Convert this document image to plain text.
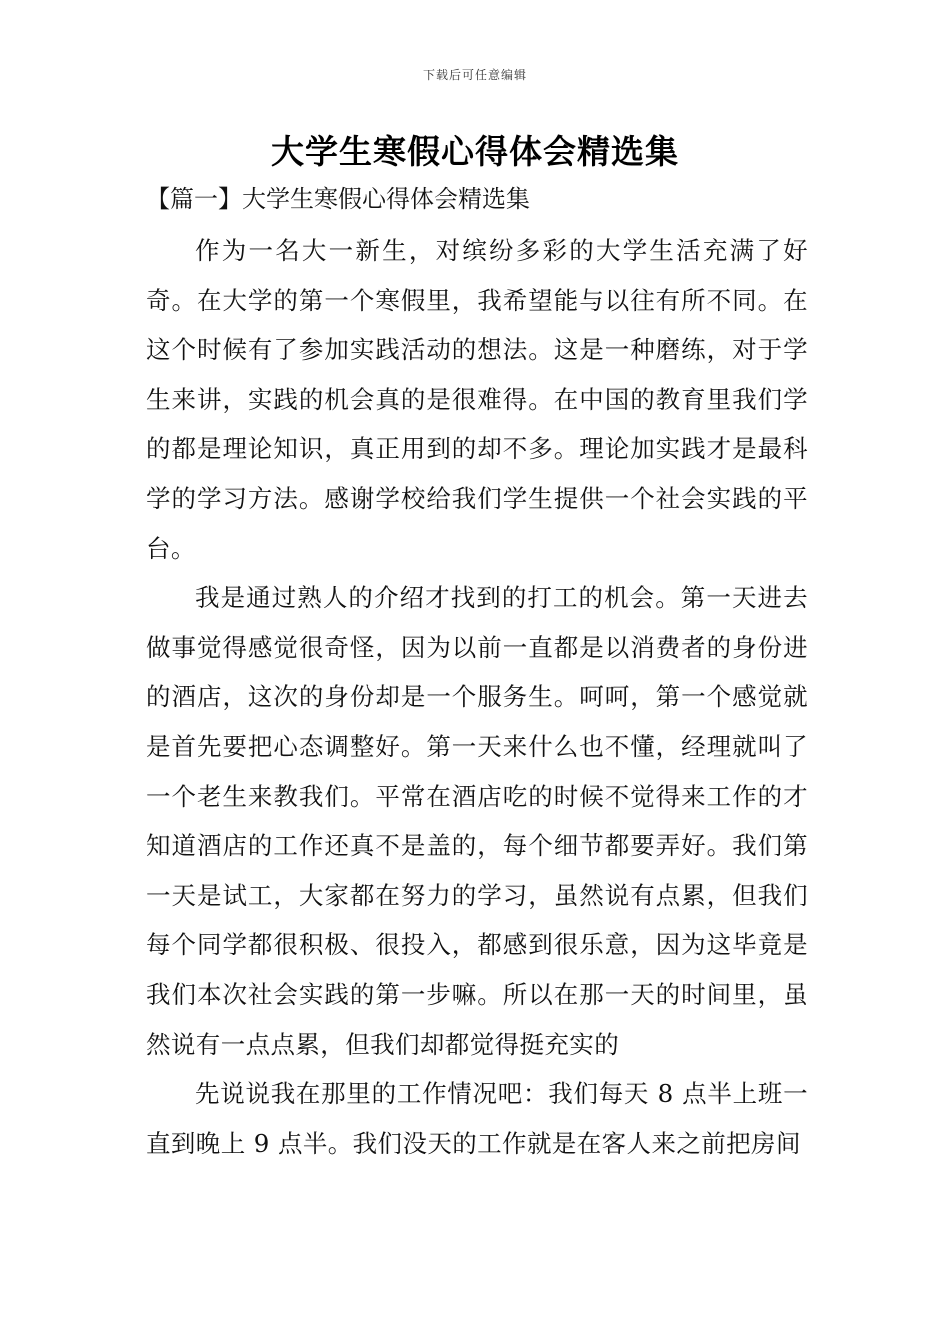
下载后可任意编辑
大学生寒假心得体会精选集
【篇一】大学生寒假心得体会精选集

作为一名大一新生，对缤纷多彩的大学生活充满了好奇。在大学的第一个寒假里，我希望能与以往有所不同。在这个时候有了参加实践活动的想法。这是一种磨练，对于学生来讲，实践的机会真的是很难得。在中国的教育里我们学的都是理论知识，真正用到的却不多。理论加实践才是最科学的学习方法。感谢学校给我们学生提供一个社会实践的平台。

我是通过熟人的介绍才找到的打工的机会。第一天进去做事觉得感觉很奇怪，因为以前一直都是以消费者的身份进的酒店，这次的身份却是一个服务生。呵呵，第一个感觉就是首先要把心态调整好。第一天来什么也不懂，经理就叫了一个老生来教我们。平常在酒店吃的时候不觉得来工作的才知道酒店的工作还真不是盖的，每个细节都要弄好。我们第一天是试工，大家都在努力的学习，虽然说有点累，但我们每个同学都很积极、很投入，都感到很乐意，因为这毕竟是我们本次社会实践的第一步嘛。所以在那一天的时间里，虽然说有一点点累，但我们却都觉得挺充实的

先说说我在那里的工作情况吧：我们每天 8 点半上班一直到晚上 9 点半。我们没天的工作就是在客人来之前把房间
